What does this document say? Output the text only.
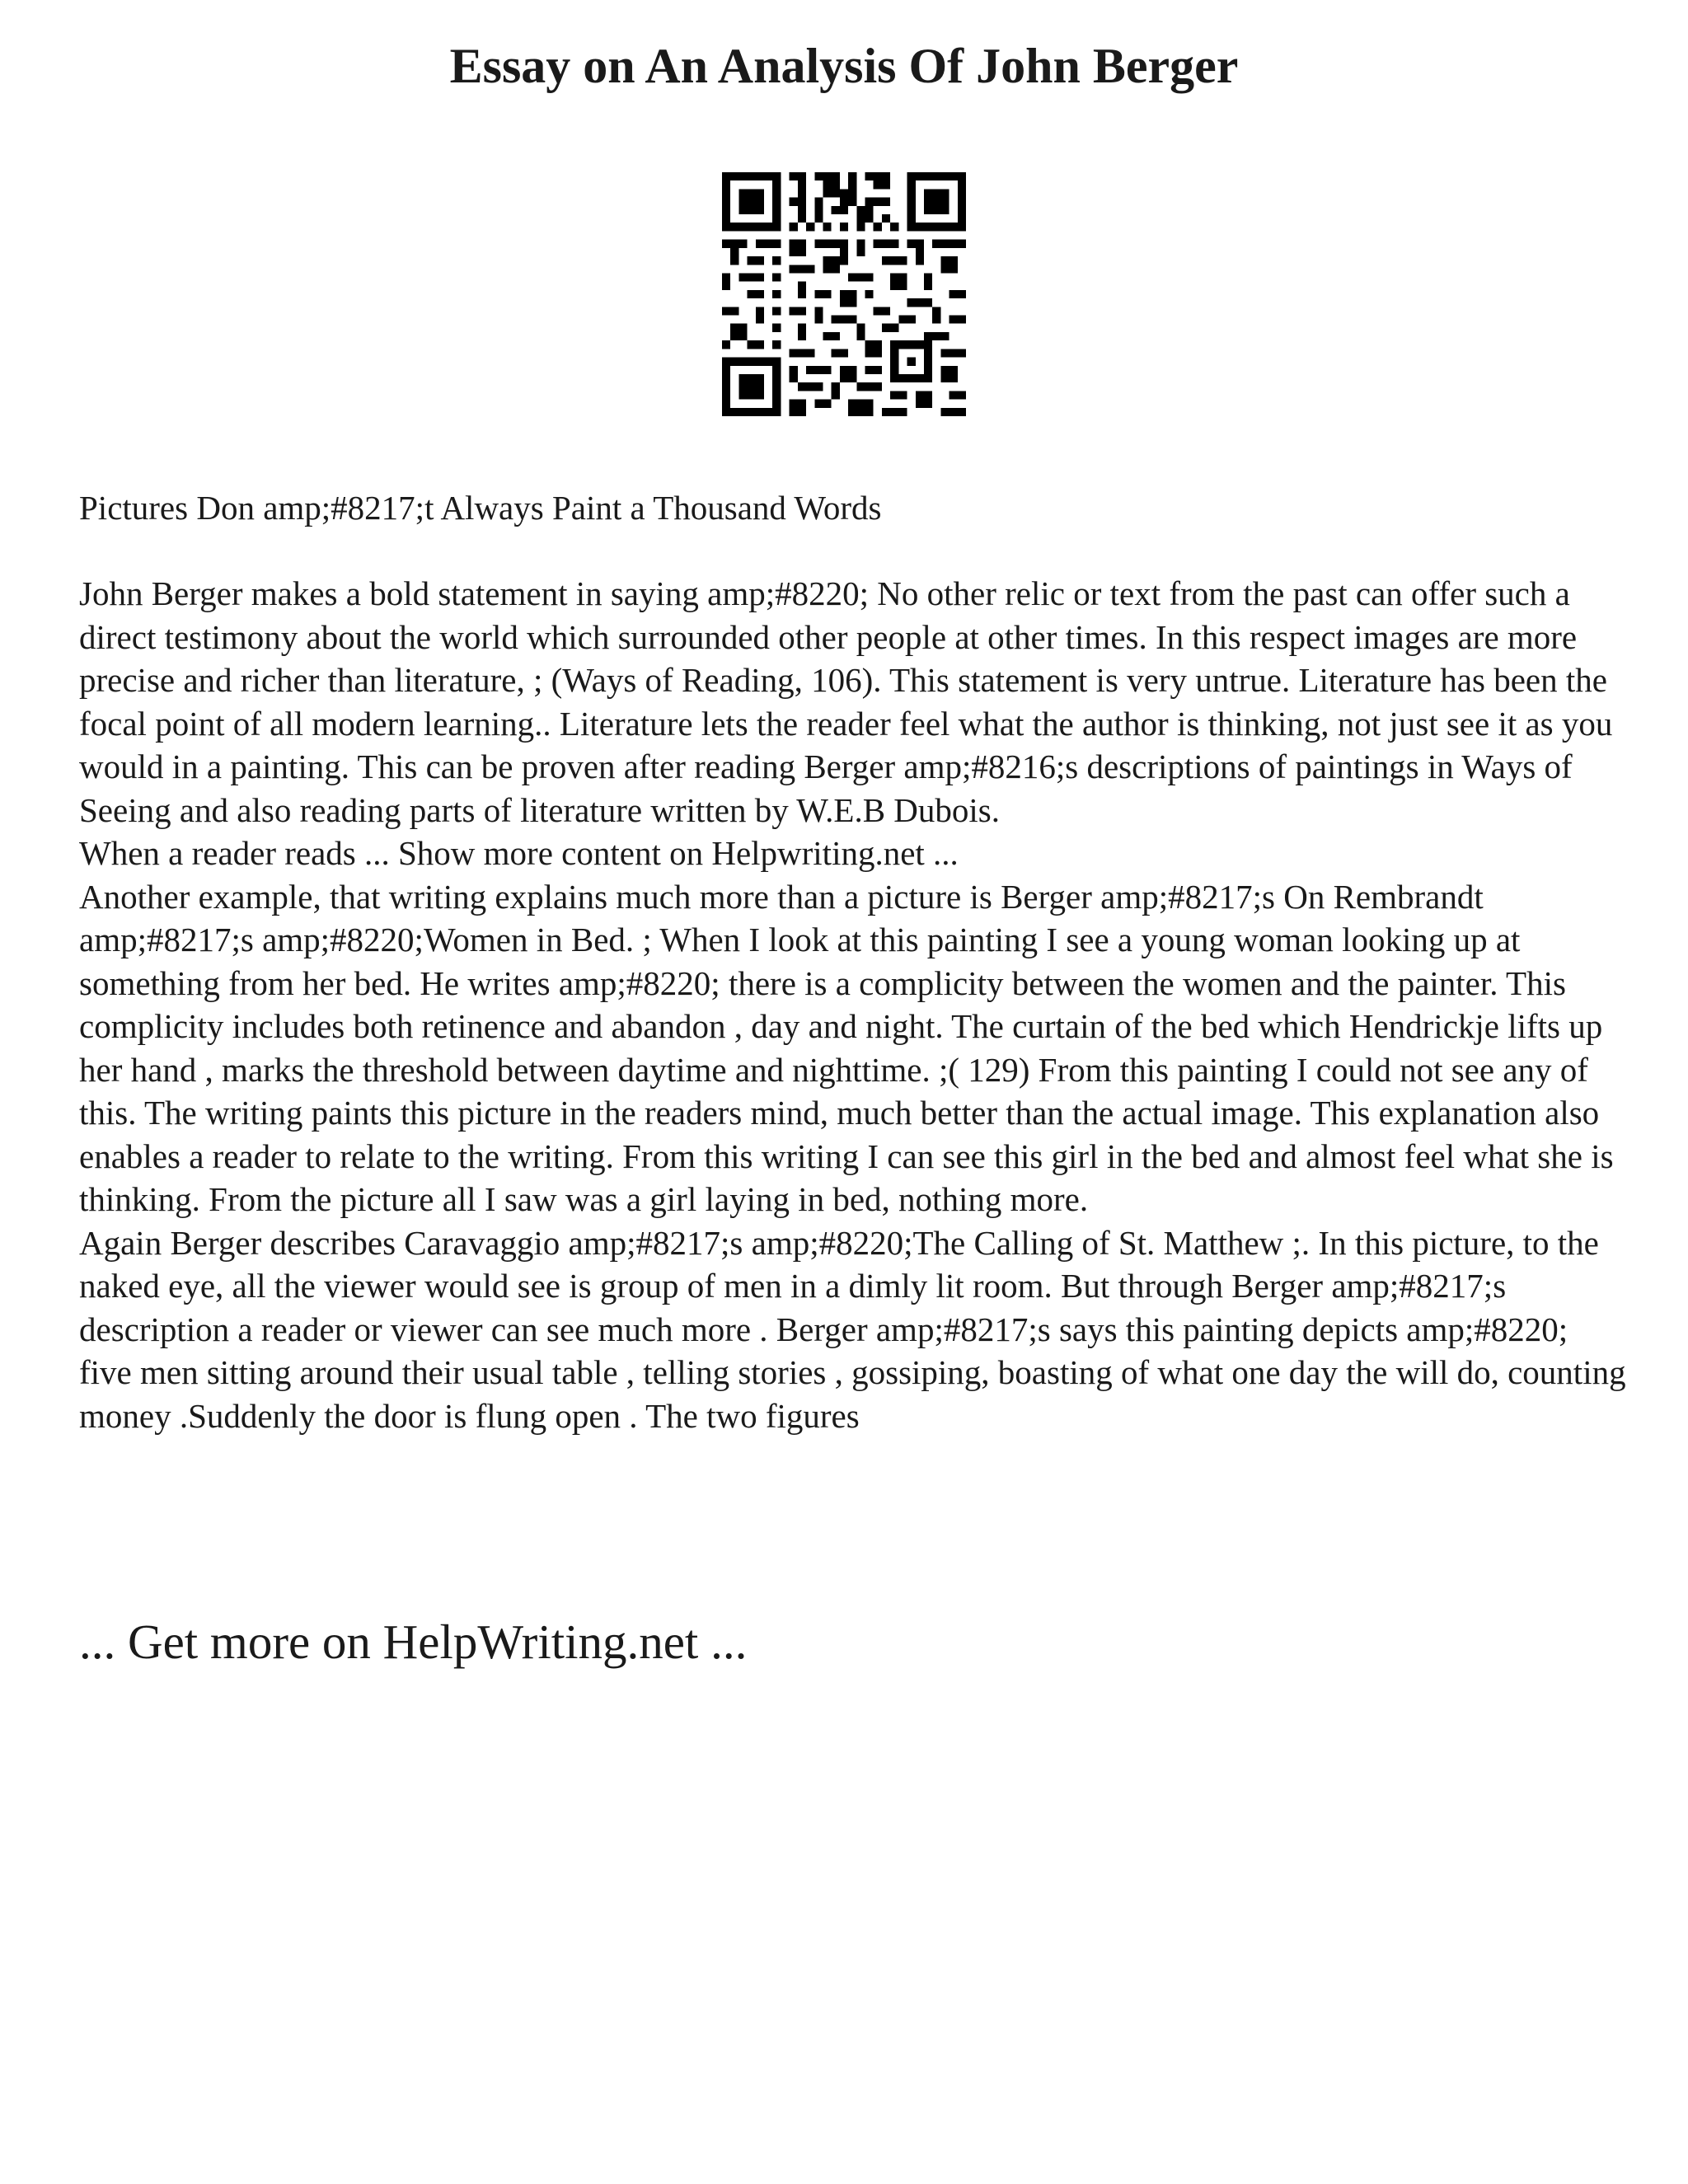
Essay on An Analysis Of John Berger

Pictures Don amp;#8217;t Always Paint a Thousand Words

John Berger makes a bold statement in saying amp;#8220; No other relic or text from the past can offer such a direct testimony about the world which surrounded other people at other times. In this respect images are more precise and richer than literature, ; (Ways of Reading, 106). This statement is very untrue. Literature has been the focal point of all modern learning.. Literature lets the reader feel what the author is thinking, not just see it as you would in a painting. This can be proven after reading Berger amp;#8216;s descriptions of paintings in Ways of Seeing and also reading parts of literature written by W.E.B Dubois.

When a reader reads ... Show more content on Helpwriting.net ...

Another example, that writing explains much more than a picture is Berger amp;#8217;s On Rembrandt amp;#8217;s amp;#8220;Women in Bed. ; When I look at this painting I see a young woman looking up at something from her bed. He writes amp;#8220; there is a complicity between the women and the painter. This complicity includes both retinence and abandon , day and night. The curtain of the bed which Hendrickje lifts up her hand , marks the threshold between daytime and nighttime. ;( 129) From this painting I could not see any of this. The writing paints this picture in the readers mind, much better than the actual image. This explanation also enables a reader to relate to the writing. From this writing I can see this girl in the bed and almost feel what she is thinking. From the picture all I saw was a girl laying in bed, nothing more.

Again Berger describes Caravaggio amp;#8217;s amp;#8220;The Calling of St. Matthew ;. In this picture, to the naked eye, all the viewer would see is group of men in a dimly lit room. But through Berger amp;#8217;s description a reader or viewer can see much more . Berger amp;#8217;s says this painting depicts amp;#8220; five men sitting around their usual table , telling stories , gossiping, boasting of what one day the will do, counting money .Suddenly the door is flung open . The two figures

... Get more on HelpWriting.net ...
